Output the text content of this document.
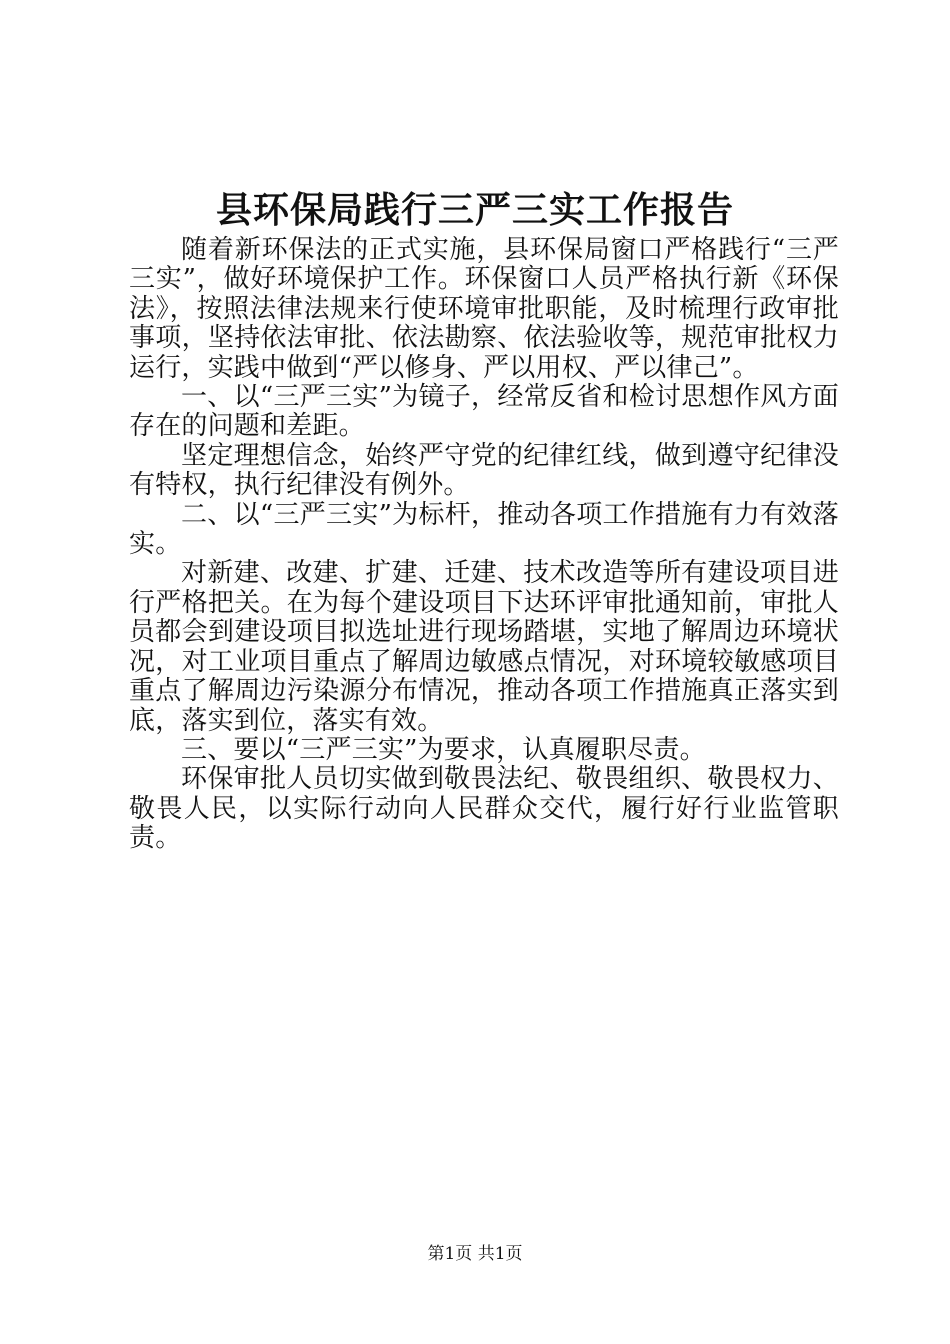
县环保局践行三严三实工作报告

随着新环保法的正式实施，县环保局窗口严格践行“三严三实”，做好环境保护工作。环保窗口人员严格执行新《环保法》，按照法律法规来行使环境审批职能，及时梳理行政审批事项，坚持依法审批、依法勘察、依法验收等，规范审批权力运行，实践中做到“严以修身、严以用权、严以律己”。

一、以“三严三实”为镜子，经常反省和检讨思想作风方面存在的问题和差距。

坚定理想信念，始终严守党的纪律红线，做到遵守纪律没有特权，执行纪律没有例外。

二、以“三严三实”为标杆，推动各项工作措施有力有效落实。

对新建、改建、扩建、迁建、技术改造等所有建设项目进行严格把关。在为每个建设项目下达环评审批通知前，审批人员都会到建设项目拟选址进行现场踏堪，实地了解周边环境状况，对工业项目重点了解周边敏感点情况，对环境较敏感项目重点了解周边污染源分布情况，推动各项工作措施真正落实到底，落实到位，落实有效。

三、要以“三严三实”为要求，认真履职尽责。

环保审批人员切实做到敬畏法纪、敬畏组织、敬畏权力、敬畏人民，以实际行动向人民群众交代，履行好行业监管职责。

第1页 共1页
